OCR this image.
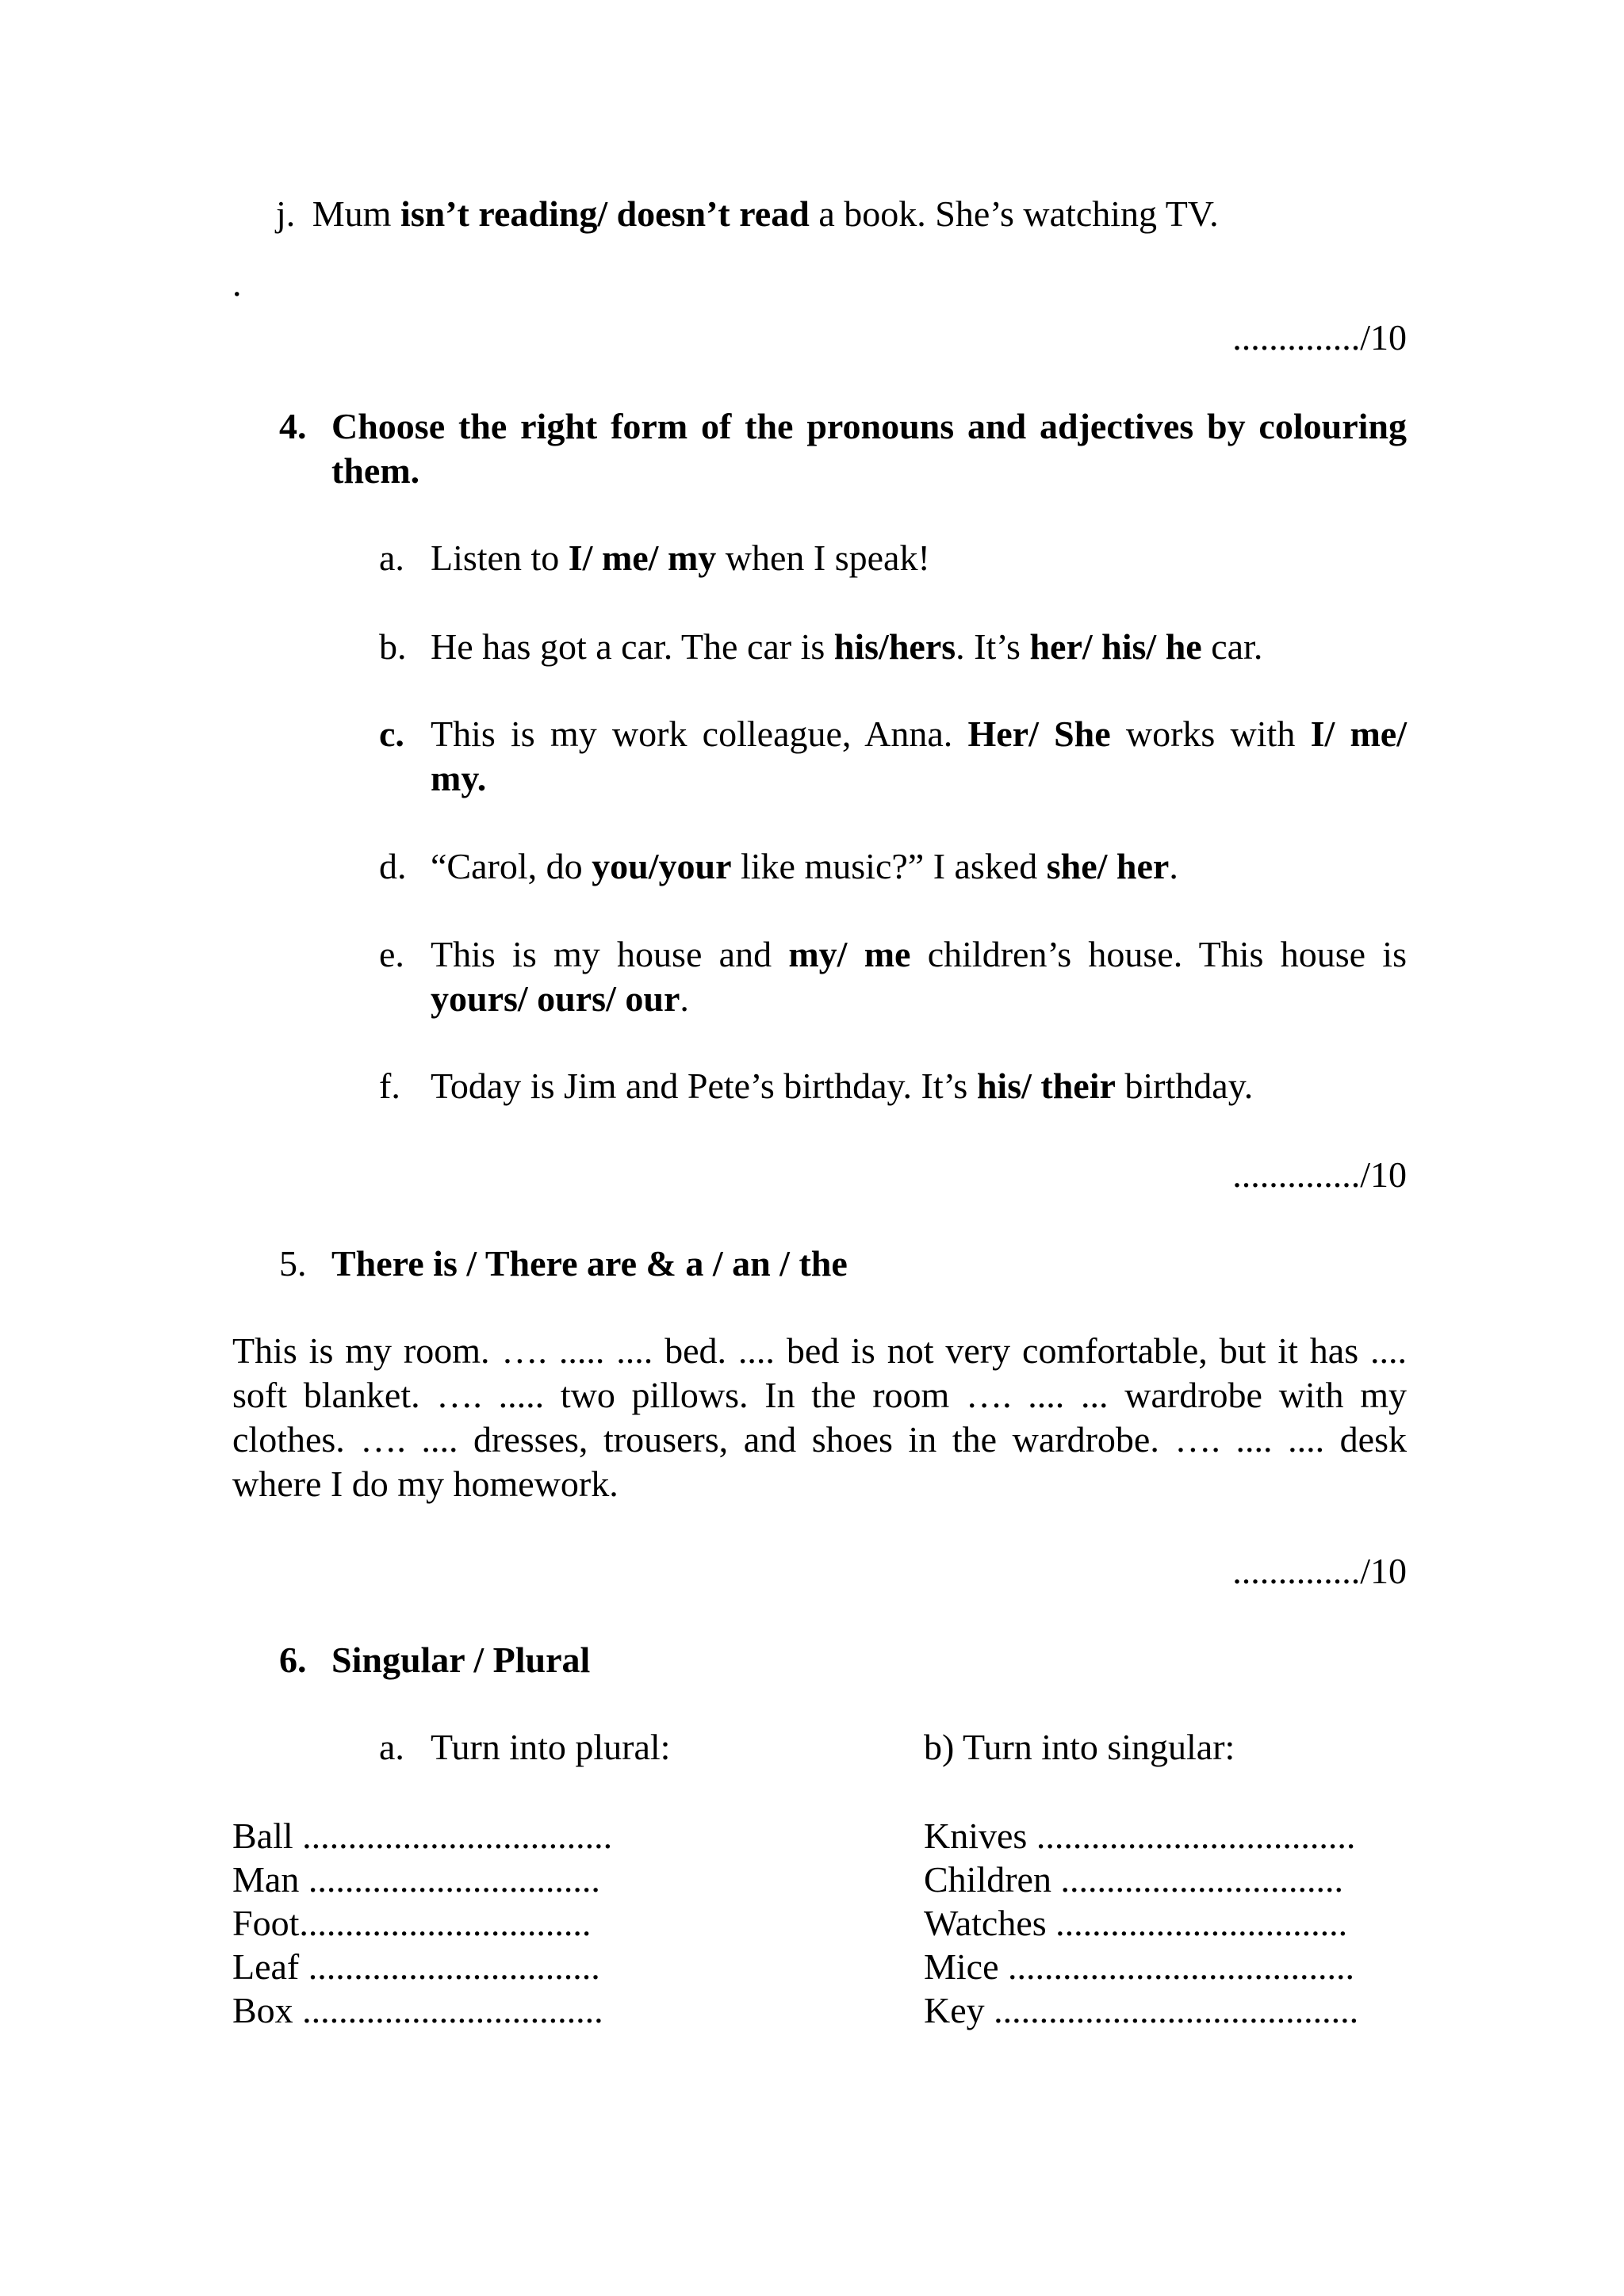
j. Mum isn’t reading/ doesn’t read a book. She’s watching TV.
.
............../10
4. Choose the right form of the pronouns and adjectives by colouring
them.
a. Listen to I/ me/ my when I speak!
b. He has got a car. The car is his/hers. It’s her/ his/ he car.
c. This is my work colleague, Anna. Her/ She works with I/ me/
my.
d. “Carol, do you/your like music?” I asked she/ her.
e. This is my house and my/ me children’s house. This house is
yours/ ours/ our.
f. Today is Jim and Pete’s birthday. It’s his/ their birthday.
............../10
5. There is / There are & a / an / the
This is my room. …. ..... .... bed. .... bed is not very comfortable, but it has ....
soft blanket. …. ..... two pillows. In the room …. .... ... wardrobe with my
clothes. …. .... dresses, trousers, and shoes in the wardrobe. …. .... .... desk
where I do my homework.
............../10
6. Singular / Plural
a. Turn into plural:	b) Turn into singular:
Ball ..................................
Man ................................
Foot................................
Leaf ................................
Box .................................
Knives ...................................
Children ...............................
Watches ................................
Mice ......................................
Key ........................................
